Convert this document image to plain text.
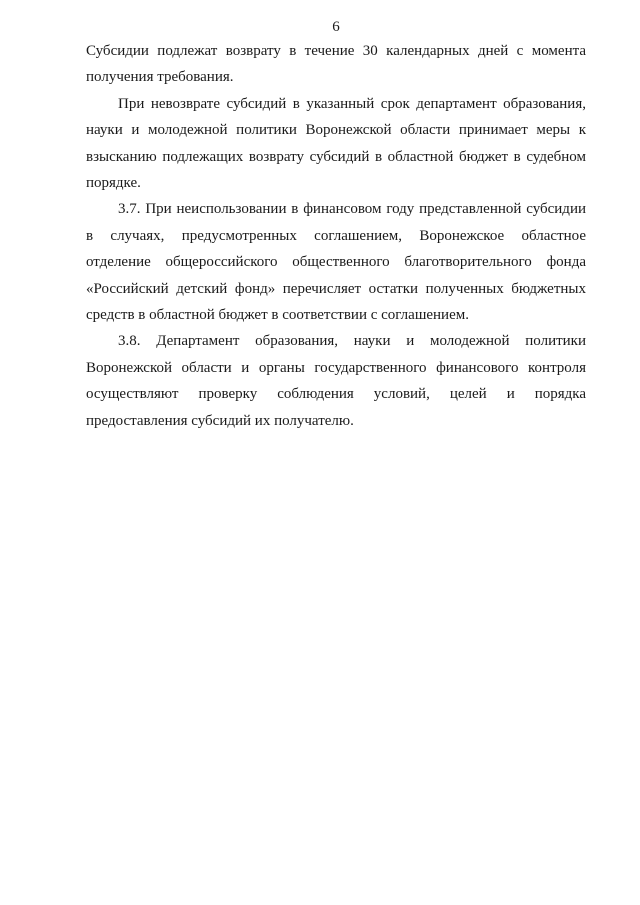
6

Субсидии подлежат возврату в течение 30 календарных дней с момента получения требования.

При невозврате субсидий в указанный срок департамент образования, науки и молодежной политики Воронежской области принимает меры к взысканию подлежащих возврату субсидий в областной бюджет в судебном порядке.

3.7. При неиспользовании в финансовом году представленной субсидии в случаях, предусмотренных соглашением, Воронежское областное отделение общероссийского общественного благотворительного фонда «Российский детский фонд» перечисляет остатки полученных бюджетных средств в областной бюджет в соответствии с соглашением.

3.8. Департамент образования, науки и молодежной политики Воронежской области и органы государственного финансового контроля осуществляют проверку соблюдения условий, целей и порядка предоставления субсидий их получателю.
